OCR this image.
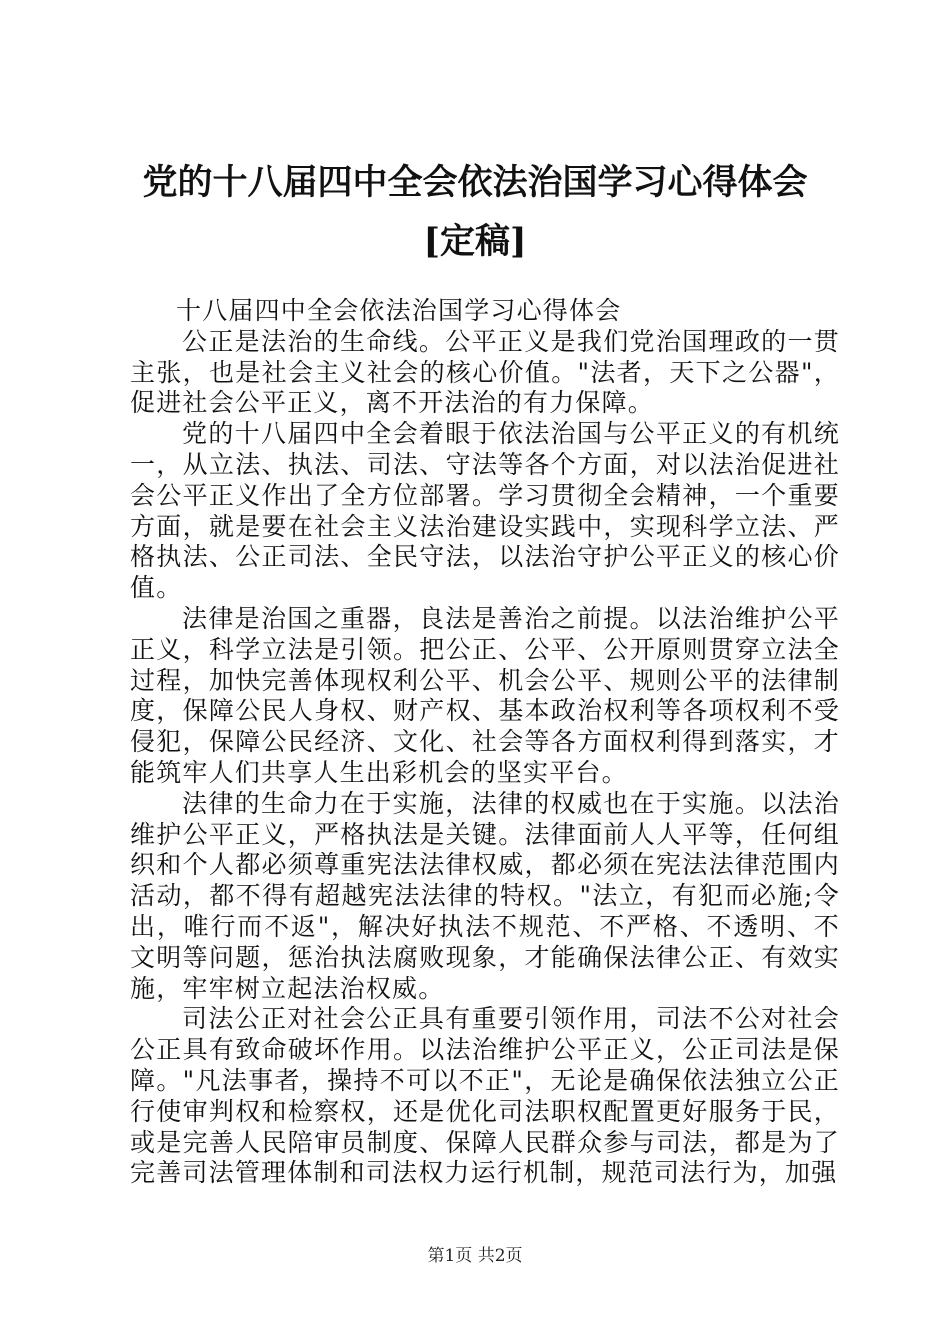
党的十八届四中全会依法治国学习心得体会
[定稿]

十八届四中全会依法治国学习心得体会

公正是法治的生命线。公平正义是我们党治国理政的一贯主张，也是社会主义社会的核心价值。"法者，天下之公器"，促进社会公平正义，离不开法治的有力保障。

党的十八届四中全会着眼于依法治国与公平正义的有机统一，从立法、执法、司法、守法等各个方面，对以法治促进社会公平正义作出了全方位部署。学习贯彻全会精神，一个重要方面，就是要在社会主义法治建设实践中，实现科学立法、严格执法、公正司法、全民守法，以法治守护公平正义的核心价值。

法律是治国之重器，良法是善治之前提。以法治维护公平正义，科学立法是引领。把公正、公平、公开原则贯穿立法全过程，加快完善体现权利公平、机会公平、规则公平的法律制度，保障公民人身权、财产权、基本政治权利等各项权利不受侵犯，保障公民经济、文化、社会等各方面权利得到落实，才能筑牢人们共享人生出彩机会的坚实平台。

法律的生命力在于实施，法律的权威也在于实施。以法治维护公平正义，严格执法是关键。法律面前人人平等，任何组织和个人都必须尊重宪法法律权威，都必须在宪法法律范围内活动，都不得有超越宪法法律的特权。"法立，有犯而必施;令出，唯行而不返"，解决好执法不规范、不严格、不透明、不文明等问题，惩治执法腐败现象，才能确保法律公正、有效实施，牢牢树立起法治权威。

司法公正对社会公正具有重要引领作用，司法不公对社会公正具有致命破坏作用。以法治维护公平正义，公正司法是保障。"凡法事者，操持不可以不正"，无论是确保依法独立公正行使审判权和检察权，还是优化司法职权配置更好服务于民，或是完善人民陪审员制度、保障人民群众参与司法，都是为了完善司法管理体制和司法权力运行机制，规范司法行为，加强

第1页 共2页
